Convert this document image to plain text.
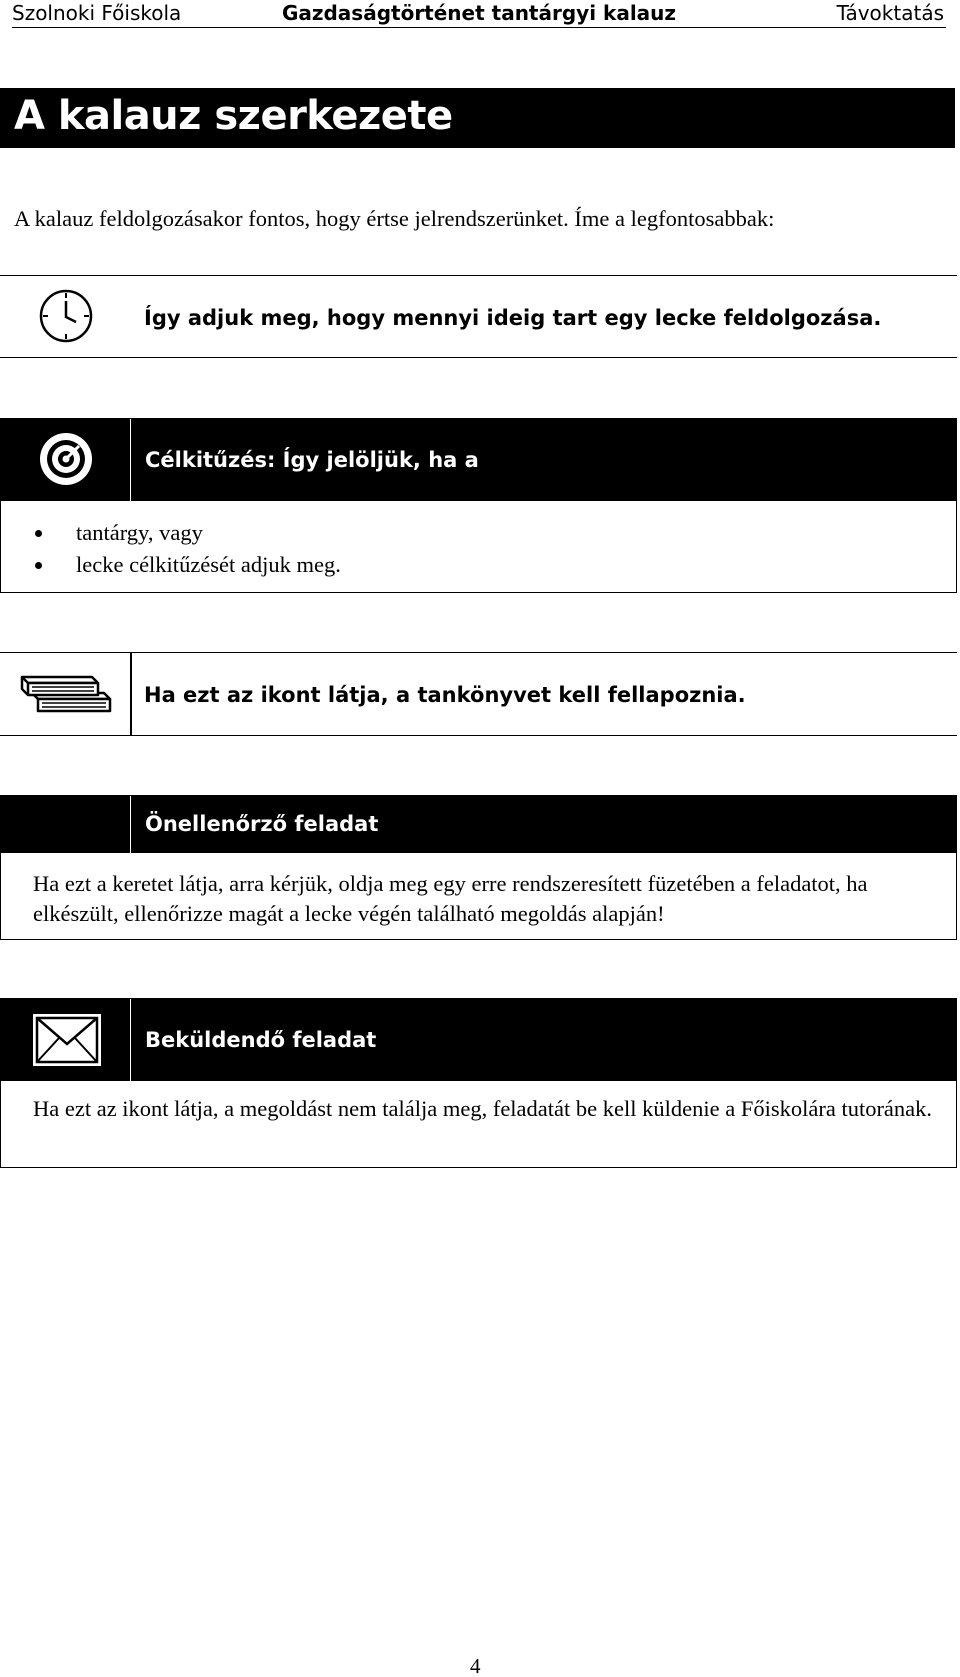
Szolnoki Főiskola	Gazdaságtörténet tantárgyi kalauz	Távoktatás
A kalauz szerkezete

A kalauz feldolgozásakor fontos, hogy értse jelrendszerünket. Íme a legfontosabbak:

Így adjuk meg, hogy mennyi ideig tart egy lecke feldolgozása.
Célkitűzés: Így jelöljük, ha a
tantárgy, vagy
lecke célkitűzését adjuk meg.
Ha ezt az ikont látja, a tankönyvet kell fellapoznia.
Önellenőrző feladat

Ha ezt a keretet látja, arra kérjük, oldja meg egy erre rendszeresített füzetében a feladatot, ha elkészült, ellenőrizze magát a lecke végén található megoldás alapján!

Beküldendő feladat

Ha ezt az ikont látja, a megoldást nem találja meg, feladatát be kell küldenie a Főiskolára tutorának.

4
